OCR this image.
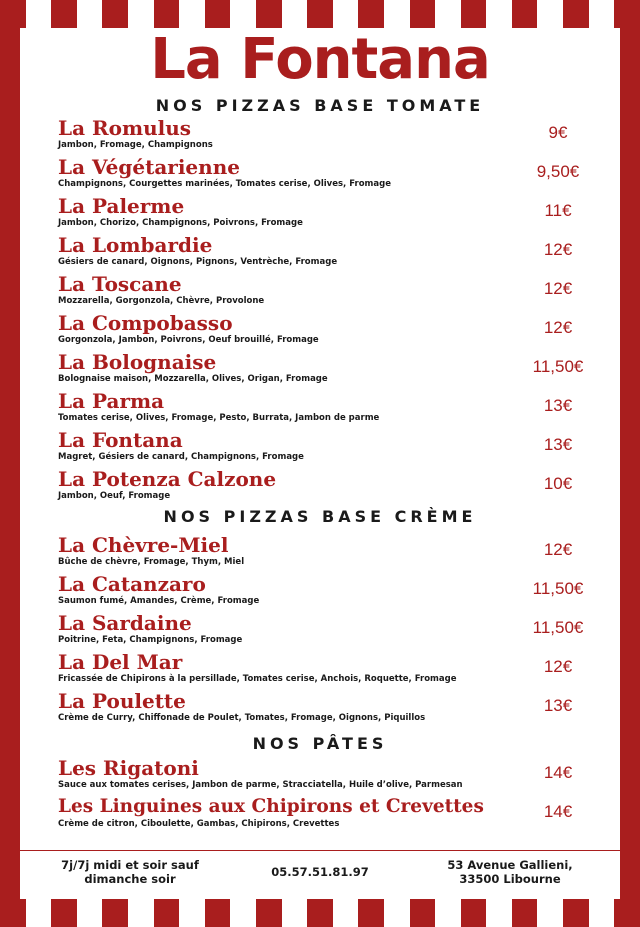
La Fontana
NOS PIZZAS BASE TOMATE
La Romulus
Jambon, Fromage, Champignons
9€
La Végétarienne
Champignons, Courgettes marinées, Tomates cerise, Olives, Fromage
9,50€
La Palerme
Jambon, Chorizo, Champignons, Poivrons, Fromage
11€
La Lombardie
Gésiers de canard, Oignons, Pignons, Ventrèche, Fromage
12€
La Toscane
Mozzarella, Gorgonzola, Chèvre, Provolone
12€
La Compobasso
Gorgonzola, Jambon, Poivrons, Oeuf brouillé, Fromage
12€
La Bolognaise
Bolognaise maison, Mozzarella, Olives, Origan, Fromage
11,50€
La Parma
Tomates cerise, Olives, Fromage, Pesto, Burrata, Jambon de parme
13€
La Fontana
Magret, Gésiers de canard, Champignons, Fromage
13€
La Potenza Calzone
Jambon, Oeuf, Fromage
10€
NOS PIZZAS BASE CRÈME
La Chèvre-Miel
Bûche de chèvre, Fromage, Thym, Miel
12€
La Catanzaro
Saumon fumé, Amandes, Crème, Fromage
11,50€
La Sardaine
Poitrine, Feta, Champignons, Fromage
11,50€
La Del Mar
Fricassée de Chipirons à la persillade, Tomates cerise, Anchois, Roquette, Fromage
12€
La Poulette
Crème de Curry, Chiffonade de Poulet, Tomates, Fromage, Oignons, Piquillos
13€
NOS PÂTES
Les Rigatoni
Sauce aux tomates cerises, Jambon de parme, Stracciatella, Huile d’olive, Parmesan
14€
Les Linguines aux Chipirons et Crevettes
Crème de citron, Ciboulette, Gambas, Chipirons, Crevettes
14€
7j/7j midi et soir sauf
dimanche soir	05.57.51.81.97	53 Avenue Gallieni,
33500 Libourne
